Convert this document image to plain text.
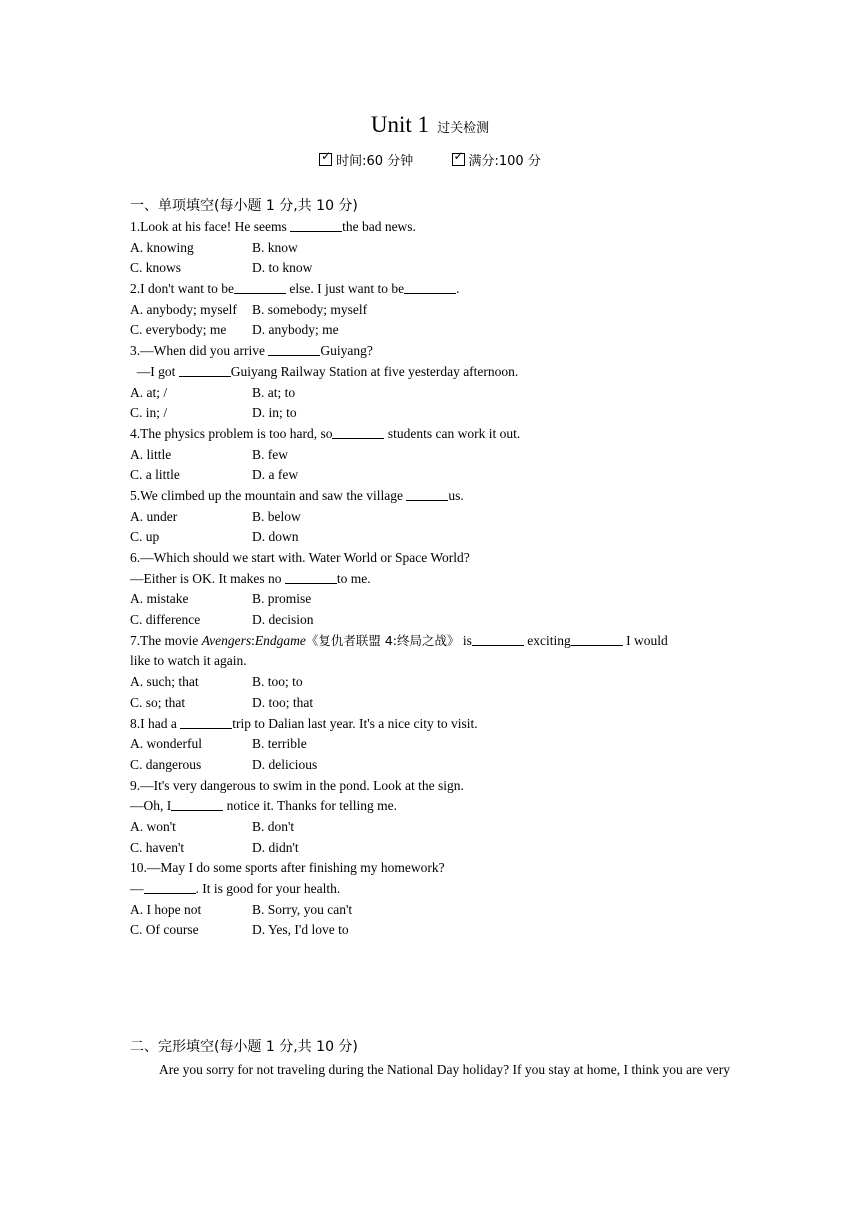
Unit 1 过关检测
✓时间:60 分钟  ✓	满分:100 分
一、单项填空(每小题 1 分,共 10 分)
1.Look at his face! He seems	the bad news.
A. knowing	B. know
C. knows	D. to know
2.I don't want to be	else. I just want to be	.
A. anybody; myself B. somebody; myself
C. everybody; me D. anybody; me
3.—When did you arrive	Guiyang?
—I got	Guiyang Railway Station at five yesterday afternoon.
A. at; /	B. at; to
C. in; /	D. in; to
4.The physics problem is too hard, so	students can work it out.
A. little	B. few
C. a little	D. a few
5.We climbed up the mountain and saw the village	us.
A. under	B. below
C. up	D. down
6.—Which should we start with. Water World or Space World?
—Either is OK. It makes no	to me.
A. mistake	B. promise
C. difference	D. decision
7.The movie Avengers:Endgame《复仇者联盟 4:终局之战》 is	exciting	I would
like to watch it again.
A. such; that	B. too; to
C. so; that	D. too; that
8.I had a	trip to Dalian last year. It's a nice city to visit.
A. wonderful	B. terrible
C. dangerous	D. delicious
9.—It's very dangerous to swim in the pond. Look at the sign.
—Oh, I	notice it. Thanks for telling me.
A. won't	B. don't
C. haven't	D. didn't
10.—May I do some sports after finishing my homework?
—	. It is good for your health.
A. I hope not	B. Sorry, you can't
C. Of course	D. Yes, I'd love to
二、完形填空(每小题 1 分,共 10 分)
Are you sorry for not traveling during the National Day holiday? If you stay at home, I think you are very
